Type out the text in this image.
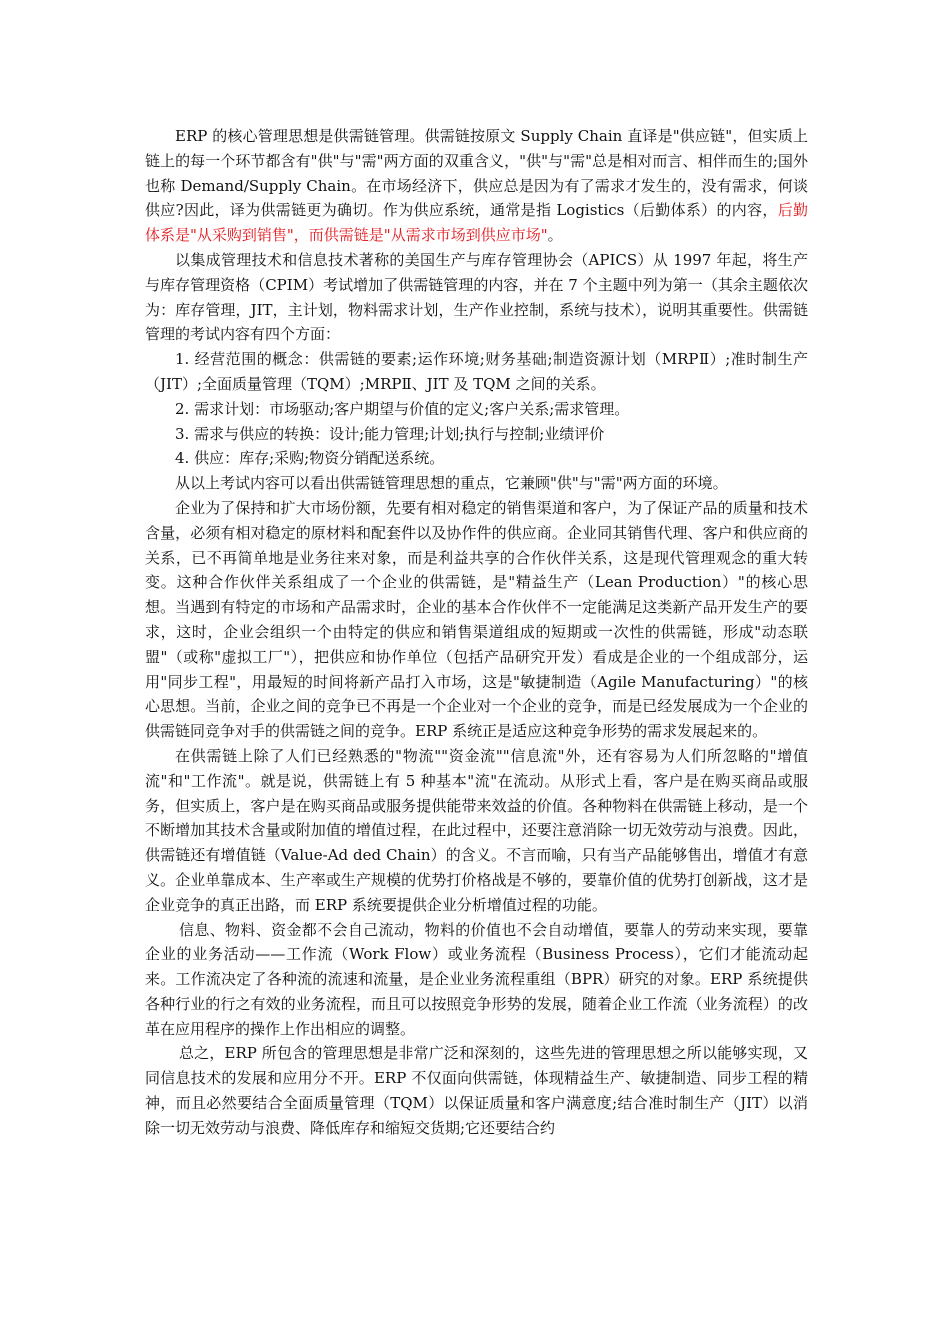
ERP 的核心管理思想是供需链管理。供需链按原文 Supply Chain 直译是"供应链"，但实质上链上的每一个环节都含有"供"与"需"两方面的双重含义，"供"与"需"总是相对而言、相伴而生的;国外也称 Demand/Supply Chain。在市场经济下，供应总是因为有了需求才发生的，没有需求，何谈供应?因此，译为供需链更为确切。作为供应系统，通常是指 Logistics（后勤体系）的内容，后勤体系是"从采购到销售"，而供需链是"从需求市场到供应市场"。

以集成管理技术和信息技术著称的美国生产与库存管理协会（APICS）从 1997 年起，将生产与库存管理资格（CPIM）考试增加了供需链管理的内容，并在 7 个主题中列为第一（其余主题依次为：库存管理，JIT，主计划，物料需求计划，生产作业控制，系统与技术），说明其重要性。供需链管理的考试内容有四个方面：

1. 经营范围的概念：供需链的要素;运作环境;财务基础;制造资源计划（MRPⅡ）;准时制生产（JIT）;全面质量管理（TQM）;MRPⅡ、JIT 及 TQM 之间的关系。

2. 需求计划：市场驱动;客户期望与价值的定义;客户关系;需求管理。

3. 需求与供应的转换：设计;能力管理;计划;执行与控制;业绩评价

4. 供应：库存;采购;物资分销配送系统。

从以上考试内容可以看出供需链管理思想的重点，它兼顾"供"与"需"两方面的环境。

企业为了保持和扩大市场份额，先要有相对稳定的销售渠道和客户，为了保证产品的质量和技术含量，必须有相对稳定的原材料和配套件以及协作件的供应商。企业同其销售代理、客户和供应商的关系，已不再简单地是业务往来对象，而是利益共享的合作伙伴关系，这是现代管理观念的重大转变。这种合作伙伴关系组成了一个企业的供需链，是"精益生产（Lean Production）"的核心思想。当遇到有特定的市场和产品需求时，企业的基本合作伙伴不一定能满足这类新产品开发生产的要求，这时，企业会组织一个由特定的供应和销售渠道组成的短期或一次性的供需链，形成"动态联盟"（或称"虚拟工厂"），把供应和协作单位（包括产品研究开发）看成是企业的一个组成部分，运用"同步工程"，用最短的时间将新产品打入市场，这是"敏捷制造（Agile Manufacturing）"的核心思想。当前，企业之间的竞争已不再是一个企业对一个企业的竞争，而是已经发展成为一个企业的供需链同竞争对手的供需链之间的竞争。ERP 系统正是适应这种竞争形势的需求发展起来的。

在供需链上除了人们已经熟悉的"物流""资金流""信息流"外，还有容易为人们所忽略的"增值流"和"工作流"。就是说，供需链上有 5 种基本"流"在流动。从形式上看，客户是在购买商品或服务，但实质上，客户是在购买商品或服务提供能带来效益的价值。各种物料在供需链上移动，是一个不断增加其技术含量或附加值的增值过程，在此过程中，还要注意消除一切无效劳动与浪费。因此，供需链还有增值链（Value-Ad ded Chain）的含义。不言而喻，只有当产品能够售出，增值才有意义。企业单靠成本、生产率或生产规模的优势打价格战是不够的，要靠价值的优势打创新战，这才是企业竞争的真正出路，而 ERP 系统要提供企业分析增值过程的功能。

信息、物料、资金都不会自己流动，物料的价值也不会自动增值，要靠人的劳动来实现，要靠企业的业务活动——工作流（Work Flow）或业务流程（Business Process），它们才能流动起来。工作流决定了各种流的流速和流量，是企业业务流程重组（BPR）研究的对象。ERP 系统提供各种行业的行之有效的业务流程，而且可以按照竞争形势的发展，随着企业工作流（业务流程）的改革在应用程序的操作上作出相应的调整。

总之，ERP 所包含的管理思想是非常广泛和深刻的，这些先进的管理思想之所以能够实现，又同信息技术的发展和应用分不开。ERP 不仅面向供需链，体现精益生产、敏捷制造、同步工程的精神，而且必然要结合全面质量管理（TQM）以保证质量和客户满意度;结合准时制生产（JIT）以消除一切无效劳动与浪费、降低库存和缩短交货期;它还要结合约
